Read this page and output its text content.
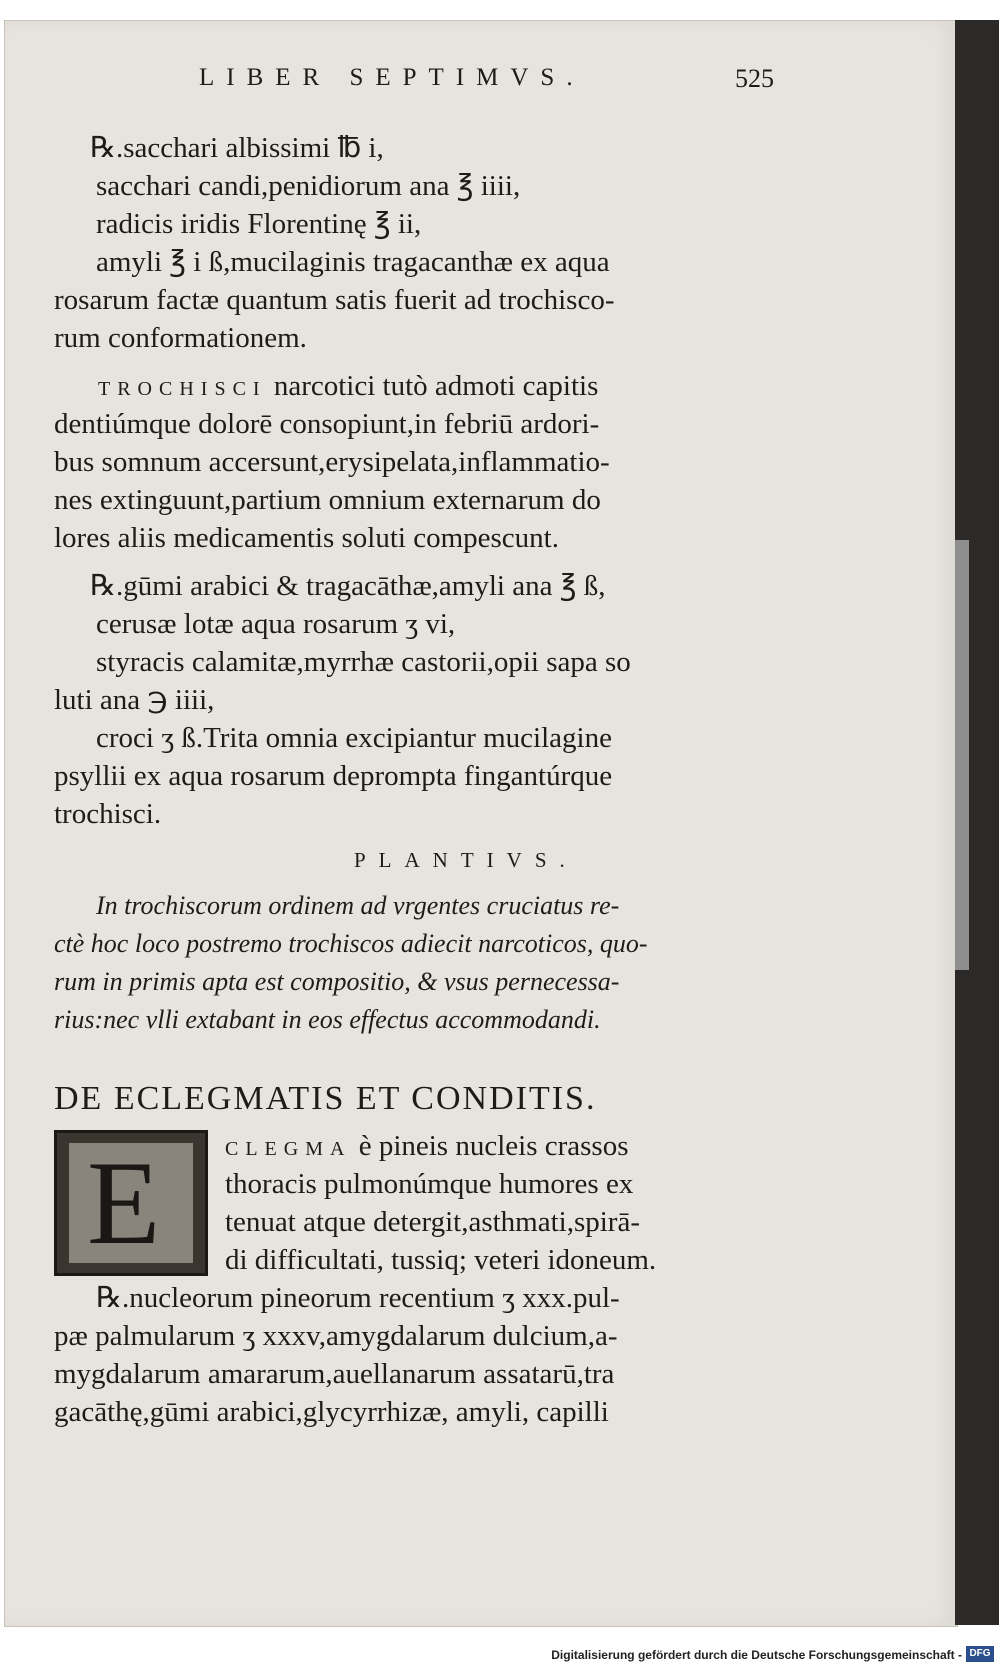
LIBER SEPTIMVS.	525
℞.sacchari albissimi ℔ i,
sacchari candi,penidiorum ana ℥ iiii,
radicis iridis Florentinę ℥ ii,
amyli ℥ i ß,mucilaginis tragacanthæ ex aqua
rosarum factæ quantum satis fuerit ad trochisco-
rum conformationem.
TROCHISCI narcotici tutò admoti capitis
dentiúmque dolorē consopiunt,in febriū ardori-
bus somnum accersunt,erysipelata,inflammatio-
nes extinguunt,partium omnium externarum do
lores aliis medicamentis soluti compescunt.
℞.gūmi arabici & tragacāthæ,amyli ana ℥ ß,
cerusæ lotæ aqua rosarum ʒ vi,
styracis calamitæ,myrrhæ castorii,opii sapa so
luti ana ℈ iiii,
croci ʒ ß.Trita omnia excipiantur mucilagine
psyllii ex aqua rosarum deprompta fingantúrque
trochisci.
PLANTIVS.
In trochiscorum ordinem ad vrgentes cruciatus re-
ctè hoc loco postremo trochiscos adiecit narcoticos, quo-
rum in primis apta est compositio, & vsus pernecessa-
rius:nec vlli extabant in eos effectus accommodandi.
DE ECLEGMATIS ET CONDITIS.
E	CLEGMA è pineis nucleis crassos
thoracis pulmonúmque humores ex
tenuat atque detergit,asthmati,spirā-
di difficultati, tussiq; veteri idoneum.
℞.nucleorum pineorum recentium ʒ xxx.pul-
pæ palmularum ʒ xxxv,amygdalarum dulcium,a-
mygdalarum amararum,auellanarum assatarū,tra
gacāthę,gūmi arabici,glycyrrhizæ, amyli, capilli
Digitalisierung gefördert durch die Deutsche Forschungsgemeinschaft - DFG
